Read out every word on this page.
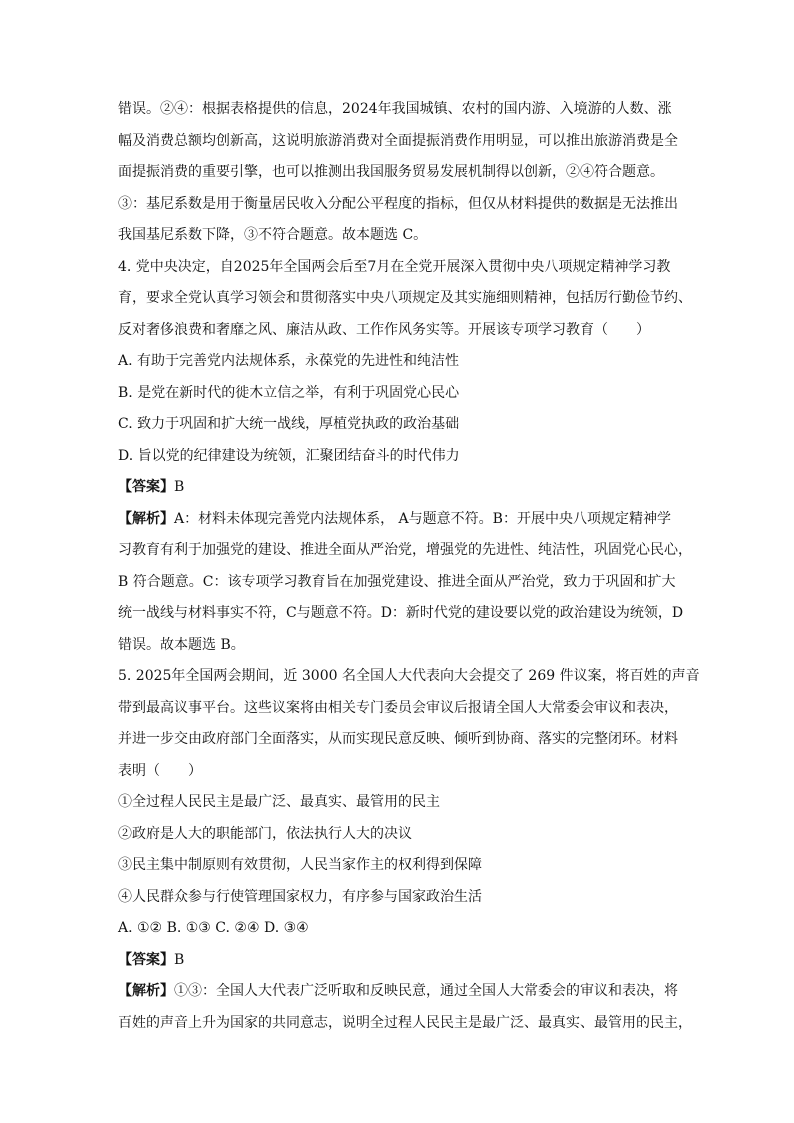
错误。②④：根据表格提供的信息，2024年我国城镇、农村的国内游、入境游的人数、涨
幅及消费总额均创新高，这说明旅游消费对全面提振消费作用明显，可以推出旅游消费是全
面提振消费的重要引擎，也可以推测出我国服务贸易发展机制得以创新，②④符合题意。
③：基尼系数是用于衡量居民收入分配公平程度的指标，但仅从材料提供的数据是无法推出
我国基尼系数下降，③不符合题意。故本题选 C。
4. 党中央决定，自2025年全国两会后至7月在全党开展深入贯彻中央八项规定精神学习教
育，要求全党认真学习领会和贯彻落实中央八项规定及其实施细则精神，包括厉行勤俭节约、
反对奢侈浪费和奢靡之风、廉洁从政、工作作风务实等。开展该专项学习教育（　　）
A. 有助于完善党内法规体系，永葆党的先进性和纯洁性
B. 是党在新时代的徙木立信之举，有利于巩固党心民心
C. 致力于巩固和扩大统一战线，厚植党执政的政治基础
D. 旨以党的纪律建设为统领，汇聚团结奋斗的时代伟力
【答案】B
【解析】A：材料未体现完善党内法规体系， A与题意不符。B：开展中央八项规定精神学
习教育有利于加强党的建设、推进全面从严治党，增强党的先进性、纯洁性，巩固党心民心，
B 符合题意。C：该专项学习教育旨在加强党建设、推进全面从严治党，致力于巩固和扩大
统一战线与材料事实不符，C与题意不符。D：新时代党的建设要以党的政治建设为统领，D
错误。故本题选 B。
5. 2025年全国两会期间，近 3000 名全国人大代表向大会提交了 269 件议案，将百姓的声音
带到最高议事平台。这些议案将由相关专门委员会审议后报请全国人大常委会审议和表决，
并进一步交由政府部门全面落实，从而实现民意反映、倾听到协商、落实的完整闭环。材料
表明（　　）
①全过程人民民主是最广泛、最真实、最管用的民主
②政府是人大的职能部门，依法执行人大的决议
③民主集中制原则有效贯彻，人民当家作主的权利得到保障
④人民群众参与行使管理国家权力，有序参与国家政治生活
A. ①② B. ①③ C. ②④ D. ③④
【答案】B
【解析】①③：全国人大代表广泛听取和反映民意，通过全国人大常委会的审议和表决，将
百姓的声音上升为国家的共同意志，说明全过程人民民主是最广泛、最真实、最管用的民主，
